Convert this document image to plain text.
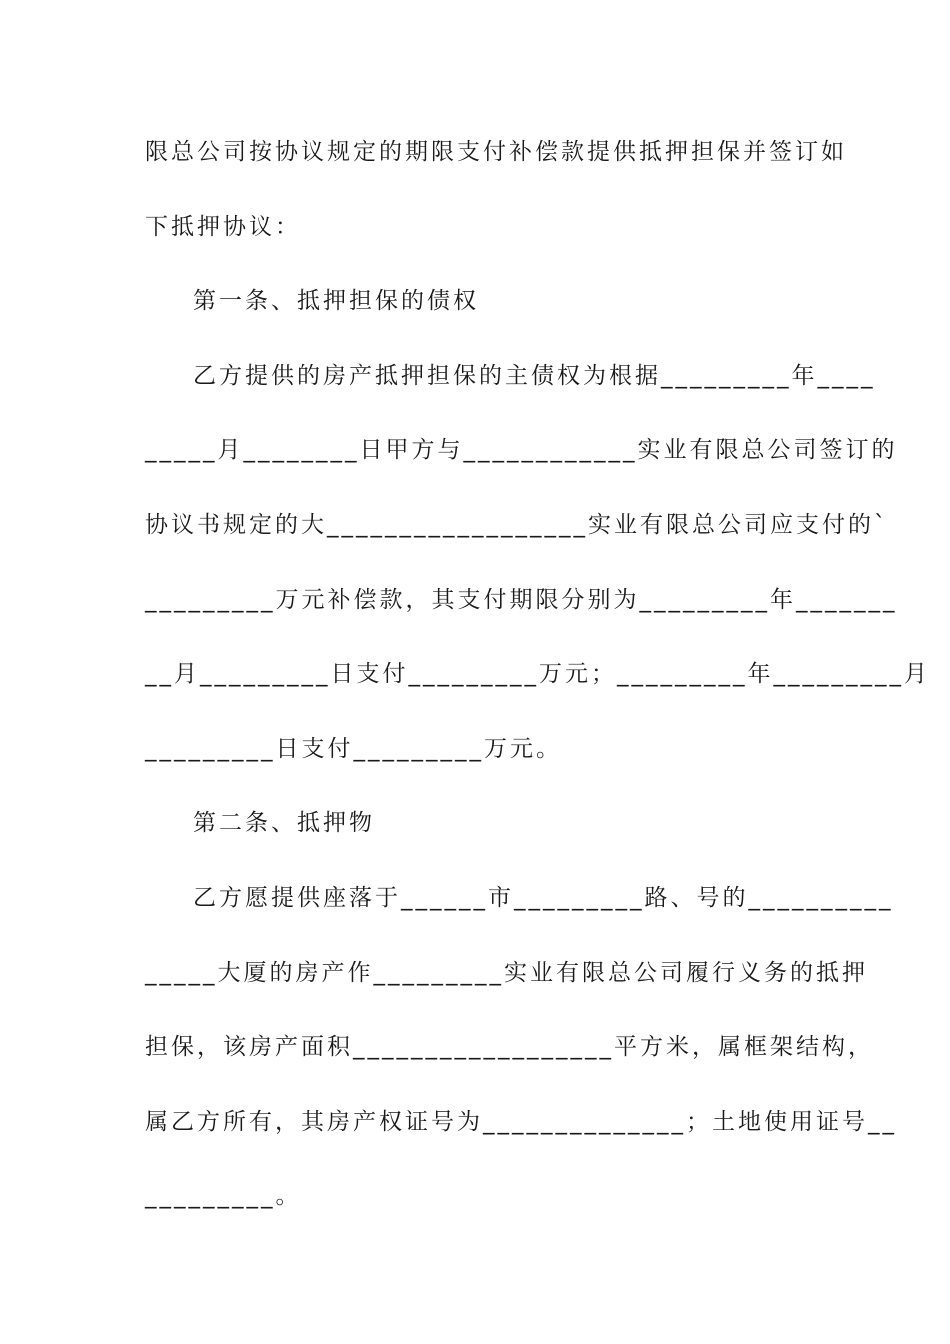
限总公司按协议规定的期限支付补偿款提供抵押担保并签订如
下抵押协议：
第一条、抵押担保的债权
乙方提供的房产抵押担保的主债权为根据_________年____
_____月________日甲方与____________实业有限总公司签订的
协议书规定的大__________________实业有限总公司应支付的`
_________万元补偿款，其支付期限分别为_________年_______
__月_________日支付_________万元；_________年_________月
_________日支付_________万元。
第二条、抵押物
乙方愿提供座落于______市_________路、号的__________
_____大厦的房产作_________实业有限总公司履行义务的抵押
担保，该房产面积__________________平方米，属框架结构，
属乙方所有，其房产权证号为______________；土地使用证号__
_________。
